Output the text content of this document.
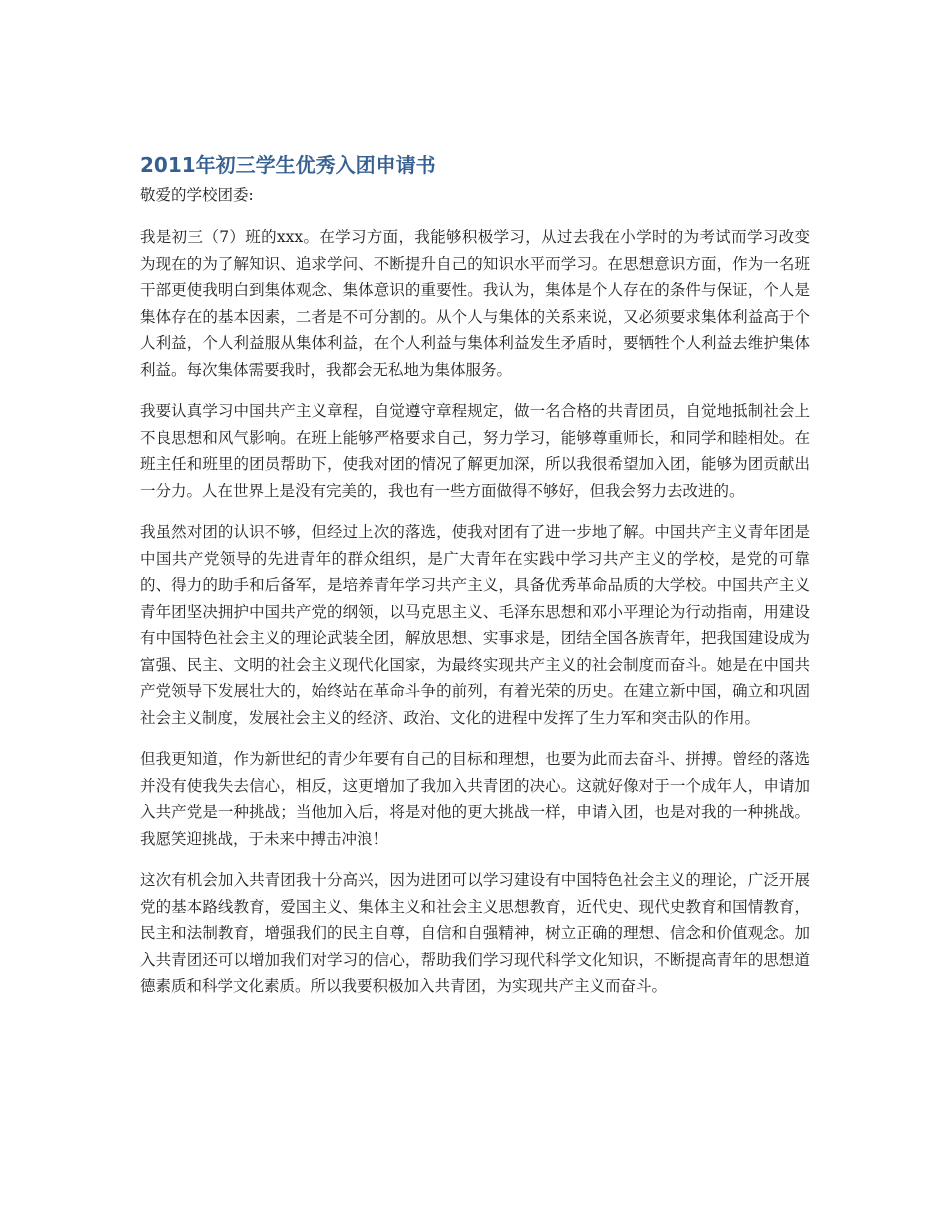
2011年初三学生优秀入团申请书

敬爱的学校团委:

我是初三（7）班的xxx。在学习方面，我能够积极学习，从过去我在小学时的为考试而学习改变为现在的为了解知识、追求学问、不断提升自己的知识水平而学习。在思想意识方面，作为一名班干部更使我明白到集体观念、集体意识的重要性。我认为，集体是个人存在的条件与保证，个人是集体存在的基本因素，二者是不可分割的。从个人与集体的关系来说，又必须要求集体利益高于个人利益，个人利益服从集体利益，在个人利益与集体利益发生矛盾时，要牺牲个人利益去维护集体利益。每次集体需要我时，我都会无私地为集体服务。

我要认真学习中国共产主义章程，自觉遵守章程规定，做一名合格的共青团员，自觉地抵制社会上不良思想和风气影响。在班上能够严格要求自己，努力学习，能够尊重师长，和同学和睦相处。在班主任和班里的团员帮助下，使我对团的情况了解更加深，所以我很希望加入团，能够为团贡献出一分力。人在世界上是没有完美的，我也有一些方面做得不够好，但我会努力去改进的。

我虽然对团的认识不够，但经过上次的落选，使我对团有了进一步地了解。中国共产主义青年团是中国共产党领导的先进青年的群众组织，是广大青年在实践中学习共产主义的学校，是党的可靠的、得力的助手和后备军，是培养青年学习共产主义，具备优秀革命品质的大学校。中国共产主义青年团坚决拥护中国共产党的纲领，以马克思主义、毛泽东思想和邓小平理论为行动指南，用建设有中国特色社会主义的理论武装全团，解放思想、实事求是，团结全国各族青年，把我国建设成为富强、民主、文明的社会主义现代化国家，为最终实现共产主义的社会制度而奋斗。她是在中国共产党领导下发展壮大的，始终站在革命斗争的前列，有着光荣的历史。在建立新中国，确立和巩固社会主义制度，发展社会主义的经济、政治、文化的进程中发挥了生力军和突击队的作用。

但我更知道，作为新世纪的青少年要有自己的目标和理想，也要为此而去奋斗、拼搏。曾经的落选并没有使我失去信心，相反，这更增加了我加入共青团的决心。这就好像对于一个成年人，申请加入共产党是一种挑战；当他加入后，将是对他的更大挑战一样，申请入团，也是对我的一种挑战。我愿笑迎挑战，于未来中搏击冲浪！

这次有机会加入共青团我十分高兴，因为进团可以学习建设有中国特色社会主义的理论，广泛开展党的基本路线教育，爱国主义、集体主义和社会主义思想教育，近代史、现代史教育和国情教育，民主和法制教育，增强我们的民主自尊，自信和自强精神，树立正确的理想、信念和价值观念。加入共青团还可以增加我们对学习的信心，帮助我们学习现代科学文化知识，不断提高青年的思想道德素质和科学文化素质。所以我要积极加入共青团，为实现共产主义而奋斗。
